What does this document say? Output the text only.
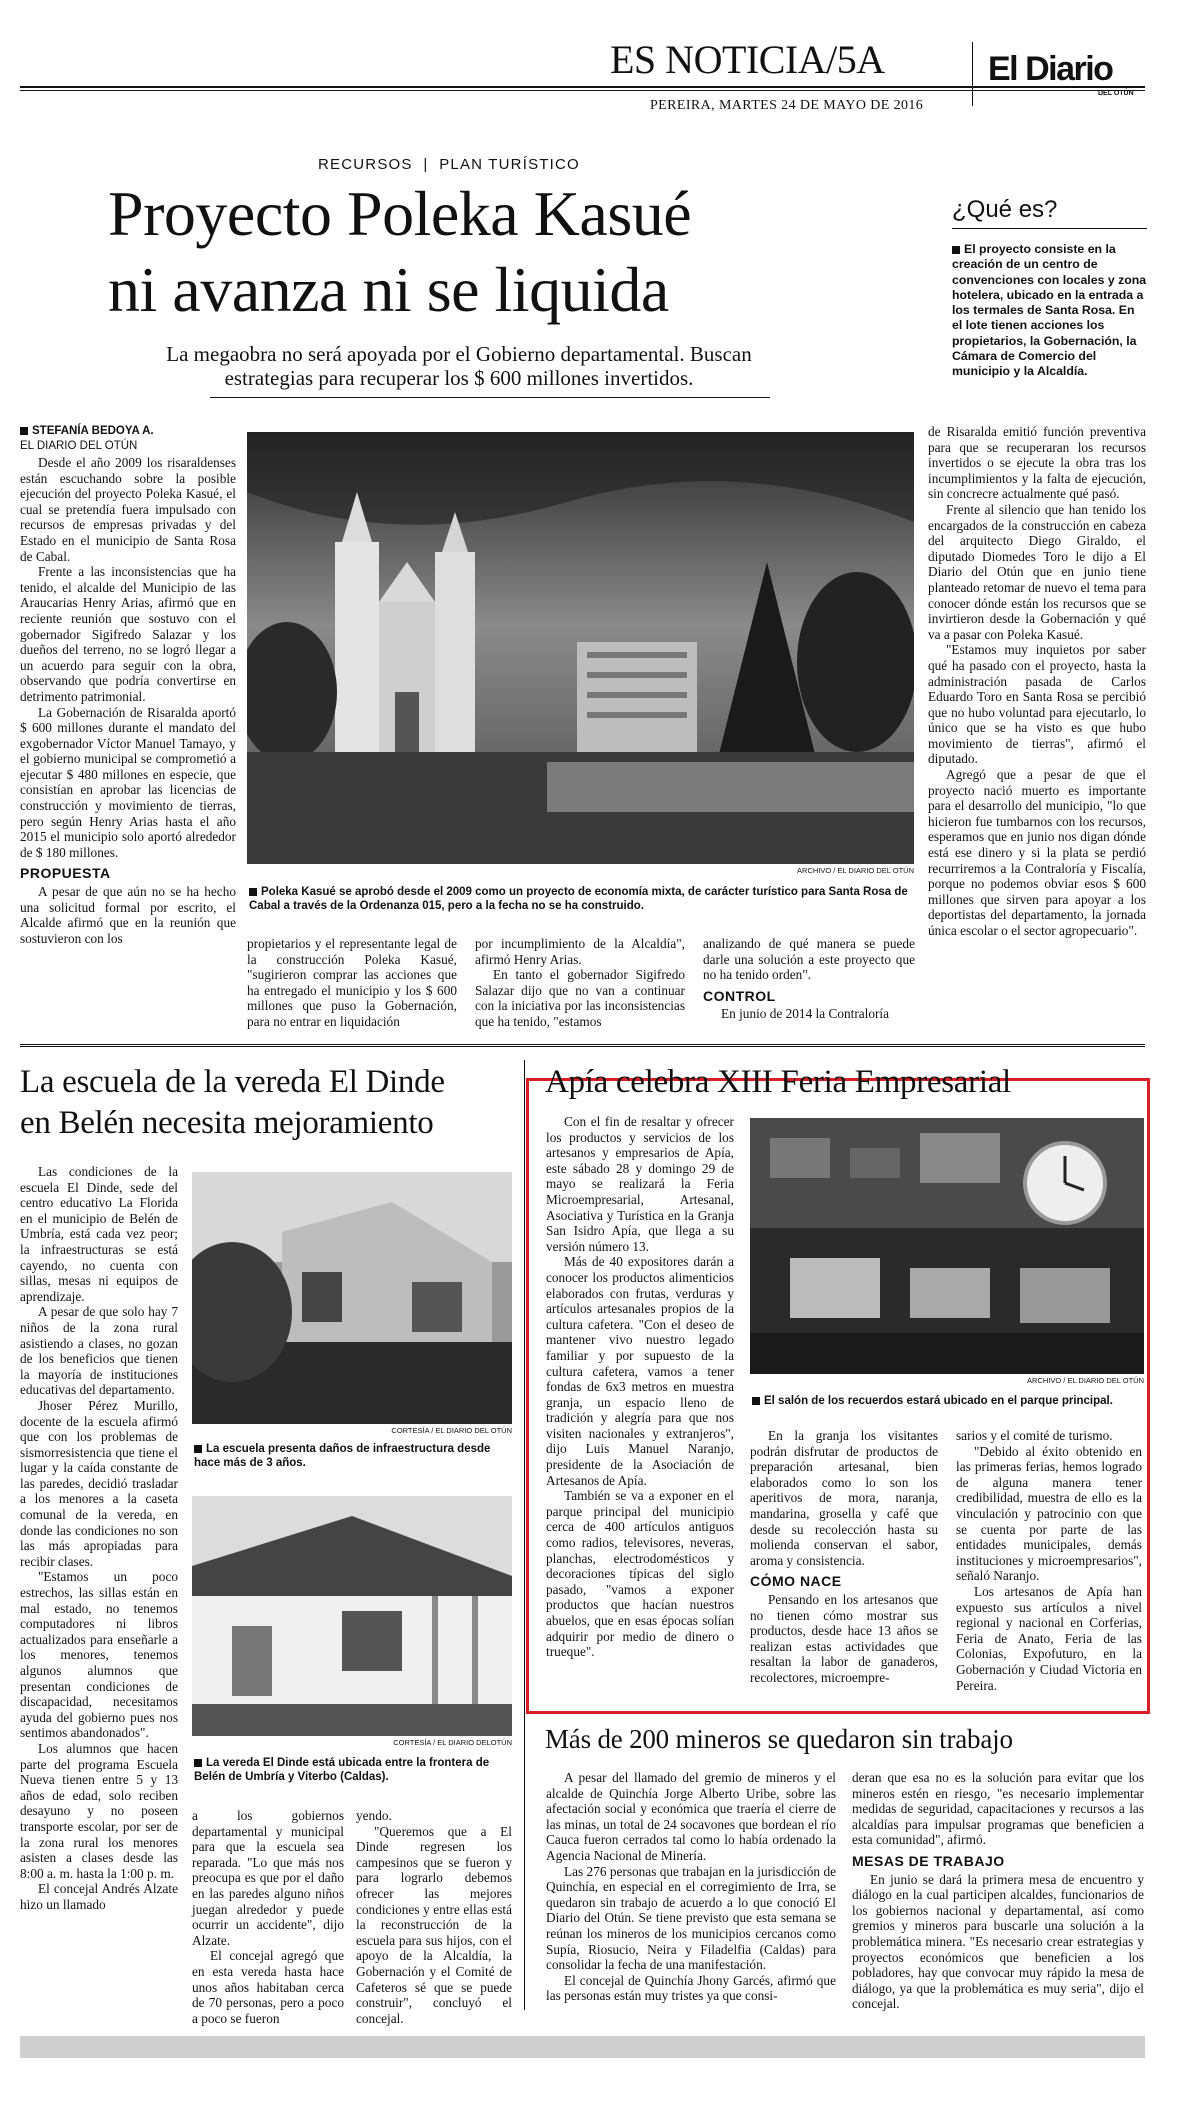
ES NOTICIA/5A
PEREIRA, MARTES 24 DE MAYO DE 2016
El Diario
DEL OTÚN
RECURSOS  |  PLAN TURÍSTICO
Proyecto Poleka Kasué
ni avanza ni se liquida
La megaobra no será apoyada por el Gobierno departamental. Buscan
estrategias para recuperar los $ 600 millones invertidos.
¿Qué es?
El proyecto consiste en la creación de un centro de convenciones con locales y zona hotelera, ubicado en la entrada a los termales de Santa Rosa. En el lote tienen acciones los propietarios, la Gobernación, la Cámara de Comercio del municipio y la Alcaldía.
STEFANÍA BEDOYA A.
EL DIARIO DEL OTÚN

Desde el año 2009 los risaraldenses están escuchando sobre la posible ejecución del proyecto Poleka Kasué, el cual se pretendía fuera impulsado con recursos de empresas privadas y del Estado en el municipio de Santa Rosa de Cabal.

Frente a las inconsistencias que ha tenido, el alcalde del Municipio de las Araucarias Henry Arias, afirmó que en reciente reunión que sostuvo con el gobernador Sigifredo Salazar y los dueños del terreno, no se logró llegar a un acuerdo para seguir con la obra, observando que podría convertirse en detrimento patrimonial.

La Gobernación de Risaralda aportó $ 600 millones durante el mandato del exgobernador Víctor Manuel Tamayo, y el gobierno municipal se comprometió a ejecutar $ 480 millones en especie, que consistían en aprobar las licencias de construcción y movimiento de tierras, pero según Henry Arias hasta el año 2015 el municipio solo aportó alrededor de $ 180 millones.

PROPUESTA

A pesar de que aún no se ha hecho una solicitud formal por escrito, el Alcalde afirmó que en la reunión que sostuvieron con los

ARCHIVO / EL DIARIO DEL OTÚN
Poleka Kasué se aprobó desde el 2009 como un proyecto de economía mixta, de carácter turístico para Santa Rosa de Cabal a través de la Ordenanza 015, pero a la fecha no se ha construido.

propietarios y el representante legal de la construcción Poleka Kasué, "sugirieron comprar las acciones que ha entregado el municipio y los $ 600 millones que puso la Gobernación, para no entrar en liquidación

por incumplimiento de la Alcaldía", afirmó Henry Arias.

En tanto el gobernador Sigifredo Salazar dijo que no van a continuar con la iniciativa por las inconsistencias que ha tenido, "estamos

analizando de qué manera se puede darle una solución a este proyecto que no ha tenido orden".

CONTROL

En junio de 2014 la Contraloría

de Risaralda emitió función preventiva para que se recuperaran los recursos invertidos o se ejecute la obra tras los incumplimientos y la falta de ejecución, sin concrecre actualmente qué pasó.

Frente al silencio que han tenido los encargados de la construcción en cabeza del arquitecto Diego Giraldo, el diputado Diomedes Toro le dijo a El Diario del Otún que en junio tiene planteado retomar de nuevo el tema para conocer dónde están los recursos que se invirtieron desde la Gobernación y qué va a pasar con Poleka Kasué.

"Estamos muy inquietos por saber qué ha pasado con el proyecto, hasta la administración pasada de Carlos Eduardo Toro en Santa Rosa se percibió que no hubo voluntad para ejecutarlo, lo único que se ha visto es que hubo movimiento de tierras", afirmó el diputado.

Agregó que a pesar de que el proyecto nació muerto es importante para el desarrollo del municipio, "lo que hicieron fue tumbarnos con los recursos, esperamos que en junio nos digan dónde está ese dinero y si la plata se perdió recurriremos a la Contraloría y Fiscalía, porque no podemos obviar esos $ 600 millones que sirven para apoyar a los deportistas del departamento, la jornada única escolar o el sector agropecuario".

La escuela de la vereda El Dinde
en Belén necesita mejoramiento

Las condiciones de la escuela El Dinde, sede del centro educativo La Florida en el municipio de Belén de Umbría, está cada vez peor; la infraestructuras se está cayendo, no cuenta con sillas, mesas ni equipos de aprendizaje.

A pesar de que solo hay 7 niños de la zona rural asistiendo a clases, no gozan de los beneficios que tienen la mayoría de instituciones educativas del departamento.

Jhoser Pérez Murillo, docente de la escuela afirmó que con los problemas de sismorresistencia que tiene el lugar y la caída constante de las paredes, decidió trasladar a los menores a la caseta comunal de la vereda, en donde las condiciones no son las más apropiadas para recibir clases.

"Estamos un poco estrechos, las sillas están en mal estado, no tenemos computadores ni libros actualizados para enseñarle a los menores, tenemos algunos alumnos que presentan condiciones de discapacidad, necesitamos ayuda del gobierno pues nos sentimos abandonados".

Los alumnos que hacen parte del programa Escuela Nueva tienen entre 5 y 13 años de edad, solo reciben desayuno y no poseen transporte escolar, por ser de la zona rural los menores asisten a clases desde las 8:00 a. m. hasta la 1:00 p. m.

El concejal Andrés Alzate hizo un llamado

CORTESÍA / EL DIARIO DEL OTÚN
La escuela presenta daños de infraestructura desde hace más de 3 años.
CORTESÍA / EL DIARIO DELOTÚN
La vereda El Dinde está ubicada entre la frontera de Belén de Umbría y Viterbo (Caldas).

a los gobiernos departamental y municipal para que la escuela sea reparada. "Lo que más nos preocupa es que por el daño en las paredes alguno niños juegan alrededor y puede ocurrir un accidente", dijo Alzate.

El concejal agregó que en esta vereda hasta hace unos años habitaban cerca de 70 personas, pero a poco a poco se fueron

yendo.

"Queremos que a El Dinde regresen los campesinos que se fueron y para lograrlo debemos ofrecer las mejores condiciones y entre ellas está la reconstrucción de la escuela para sus hijos, con el apoyo de la Alcaldía, la Gobernación y el Comité de Cafeteros sé que se puede construir", concluyó el concejal.

Apía celebra XIII Feria Empresarial

Con el fin de resaltar y ofrecer los productos y servicios de los artesanos y empresarios de Apía, este sábado 28 y domingo 29 de mayo se realizará la Feria Microempresarial, Artesanal, Asociativa y Turística en la Granja San Isidro Apía, que llega a su versión número 13.

Más de 40 expositores darán a conocer los productos alimenticios elaborados con frutas, verduras y artículos artesanales propios de la cultura cafetera. "Con el deseo de mantener vivo nuestro legado familiar y por supuesto de la cultura cafetera, vamos a tener fondas de 6x3 metros en muestra granja, un espacio lleno de tradición y alegría para que nos visiten nacionales y extranjeros", dijo Luis Manuel Naranjo, presidente de la Asociación de Artesanos de Apía.

También se va a exponer en el parque principal del municipio cerca de 400 artículos antiguos como radios, televisores, neveras, planchas, electrodomésticos y decoraciones típicas del siglo pasado, "vamos a exponer productos que hacían nuestros abuelos, que en esas épocas solían adquirir por medio de dinero o trueque".

ARCHIVO / EL DIARIO DEL OTÚN
El salón de los recuerdos estará ubicado en el parque principal.

En la granja los visitantes podrán disfrutar de productos de preparación artesanal, bien elaborados como lo son los aperitivos de mora, naranja, mandarina, grosella y café que desde su recolección hasta su molienda conservan el sabor, aroma y consistencia.

CÓMO NACE

Pensando en los artesanos que no tienen cómo mostrar sus productos, desde hace 13 años se realizan estas actividades que resaltan la labor de ganaderos, recolectores, microempre-

sarios y el comité de turismo.

"Debido al éxito obtenido en las primeras ferias, hemos logrado de alguna manera tener credibilidad, muestra de ello es la vinculación y patrocinio con que se cuenta por parte de las entidades municipales, demás instituciones y microempresarios", señaló Naranjo.

Los artesanos de Apía han expuesto sus artículos a nivel regional y nacional en Corferias, Feria de Anato, Feria de las Colonias, Expofuturo, en la Gobernación y Ciudad Victoria en Pereira.

Más de 200 mineros se quedaron sin trabajo

A pesar del llamado del gremio de mineros y el alcalde de Quinchía Jorge Alberto Uribe, sobre las afectación social y económica que traería el cierre de las minas, un total de 24 socavones que bordean el río Cauca fueron cerrados tal como lo había ordenado la Agencia Nacional de Minería.

Las 276 personas que trabajan en la jurisdicción de Quinchía, en especial en el corregimiento de Irra, se quedaron sin trabajo de acuerdo a lo que conoció El Diario del Otún. Se tiene previsto que esta semana se reúnan los mineros de los municipios cercanos como Supía, Riosucio, Neira y Filadelfia (Caldas) para consolidar la fecha de una manifestación.

El concejal de Quinchía Jhony Garcés, afirmó que las personas están muy tristes ya que consi-

deran que esa no es la solución para evitar que los mineros estén en riesgo, "es necesario implementar medidas de seguridad, capacitaciones y recursos a las alcaldías para impulsar programas que beneficien a esta comunidad", afirmó.

MESAS DE TRABAJO

En junio se dará la primera mesa de encuentro y diálogo en la cual participen alcaldes, funcionarios de los gobiernos nacional y departamental, así como gremios y mineros para buscarle una solución a la problemática minera. "Es necesario crear estrategias y proyectos económicos que beneficien a los pobladores, hay que convocar muy rápido la mesa de diálogo, ya que la problemática es muy seria", dijo el concejal.
